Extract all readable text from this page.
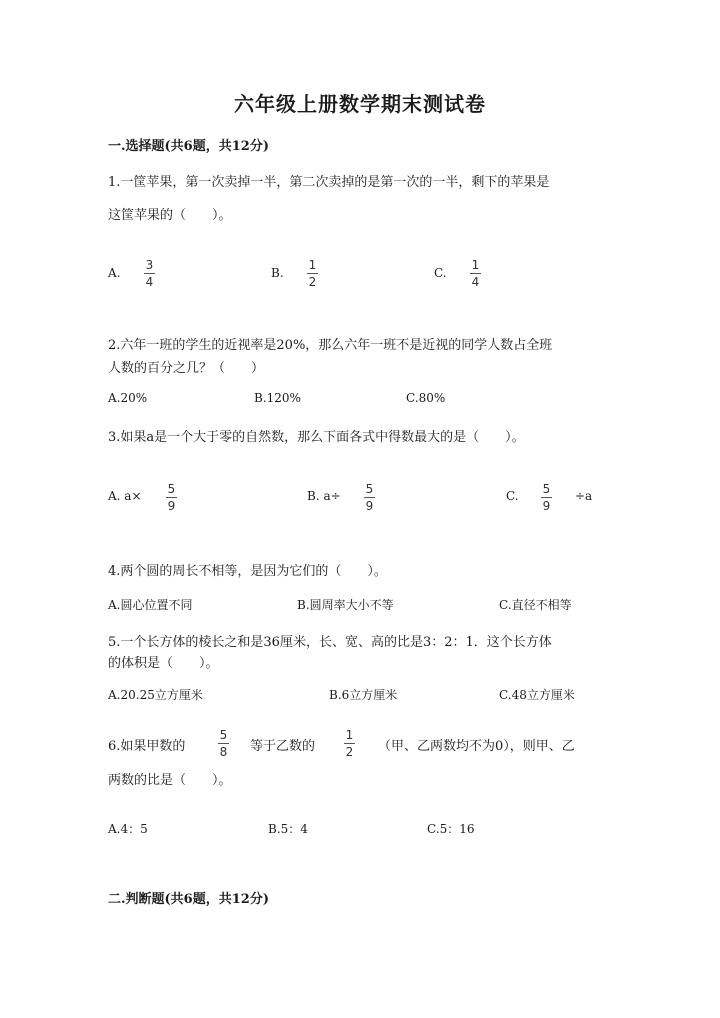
六年级上册数学期末测试卷
一.选择题(共6题，共12分)
1.一筐苹果，第一次卖掉一半，第二次卖掉的是第一次的一半，剩下的苹果是
这筐苹果的（　　）。
A.
3
4
B.
1
2
C.
1
4
2.六年一班的学生的近视率是20%，那么六年一班不是近视的同学人数占全班
人数的百分之几？（　　）
A.20%	B.120%	C.80%
3.如果a是一个大于零的自然数，那么下面各式中得数最大的是（　　）。
A. a× 5
9
B. a÷ 5
9
C. 5
9
÷a
4.两个圆的周长不相等，是因为它们的（　　）。
A.圆心位置不同	B.圆周率大小不等	C.直径不相等
5.一个长方体的棱长之和是36厘米，长、宽、高的比是3：2：1．这个长方体
的体积是（　　）。
A.20.25立方厘米	B.6立方厘米	C.48立方厘米
6.如果甲数的
5
8 等于乙数的
1
2 （甲、乙两数均不为0），则甲、乙
两数的比是（　　）。
A.4：5	B.5：4	C.5：16
二.判断题(共6题，共12分)
